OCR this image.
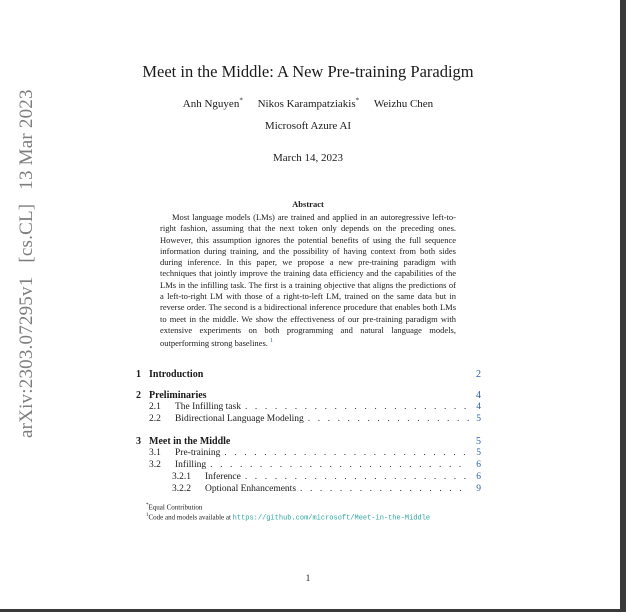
arXiv:2303.07295v1[cs.CL]13 Mar 2023
Meet in the Middle: A New Pre-training Paradigm
Anh Nguyen* Nikos Karampatziakis* Weizhu Chen
Microsoft Azure AI
March 14, 2023
Abstract
Most language models (LMs) are trained and applied in an autoregressive left-to-right fashion, assuming that the next token only depends on the preceding ones. However, this assumption ignores the potential benefits of using the full sequence information during training, and the possibility of having context from both sides during inference. In this paper, we propose a new pre-training paradigm with techniques that jointly improve the training data efficiency and the capabilities of the LMs in the infilling task. The first is a training objective that aligns the predictions of a left-to-right LM with those of a right-to-left LM, trained on the same data but in reverse order. The second is a bidirectional inference procedure that enables both LMs to meet in the middle. We show the effectiveness of our pre-training paradigm with extensive experiments on both programming and natural language models, outperforming strong baselines. $^1$
1 Introduction	2
2 Preliminaries	4
2.1	The Infilling task . . .	4
2.2	Bidirectional Language Modeling . . .	5
3 Meet in the Middle	5
3.1	Pre-training . . .	5
3.2	Infilling . . .	6
3.2.1	Inference . . .	6
3.2.2	Optional Enhancements . . .	9
*Equal Contribution
$^1$Code and models available at https://github.com/microsoft/Meet-in-the-Middle
1
